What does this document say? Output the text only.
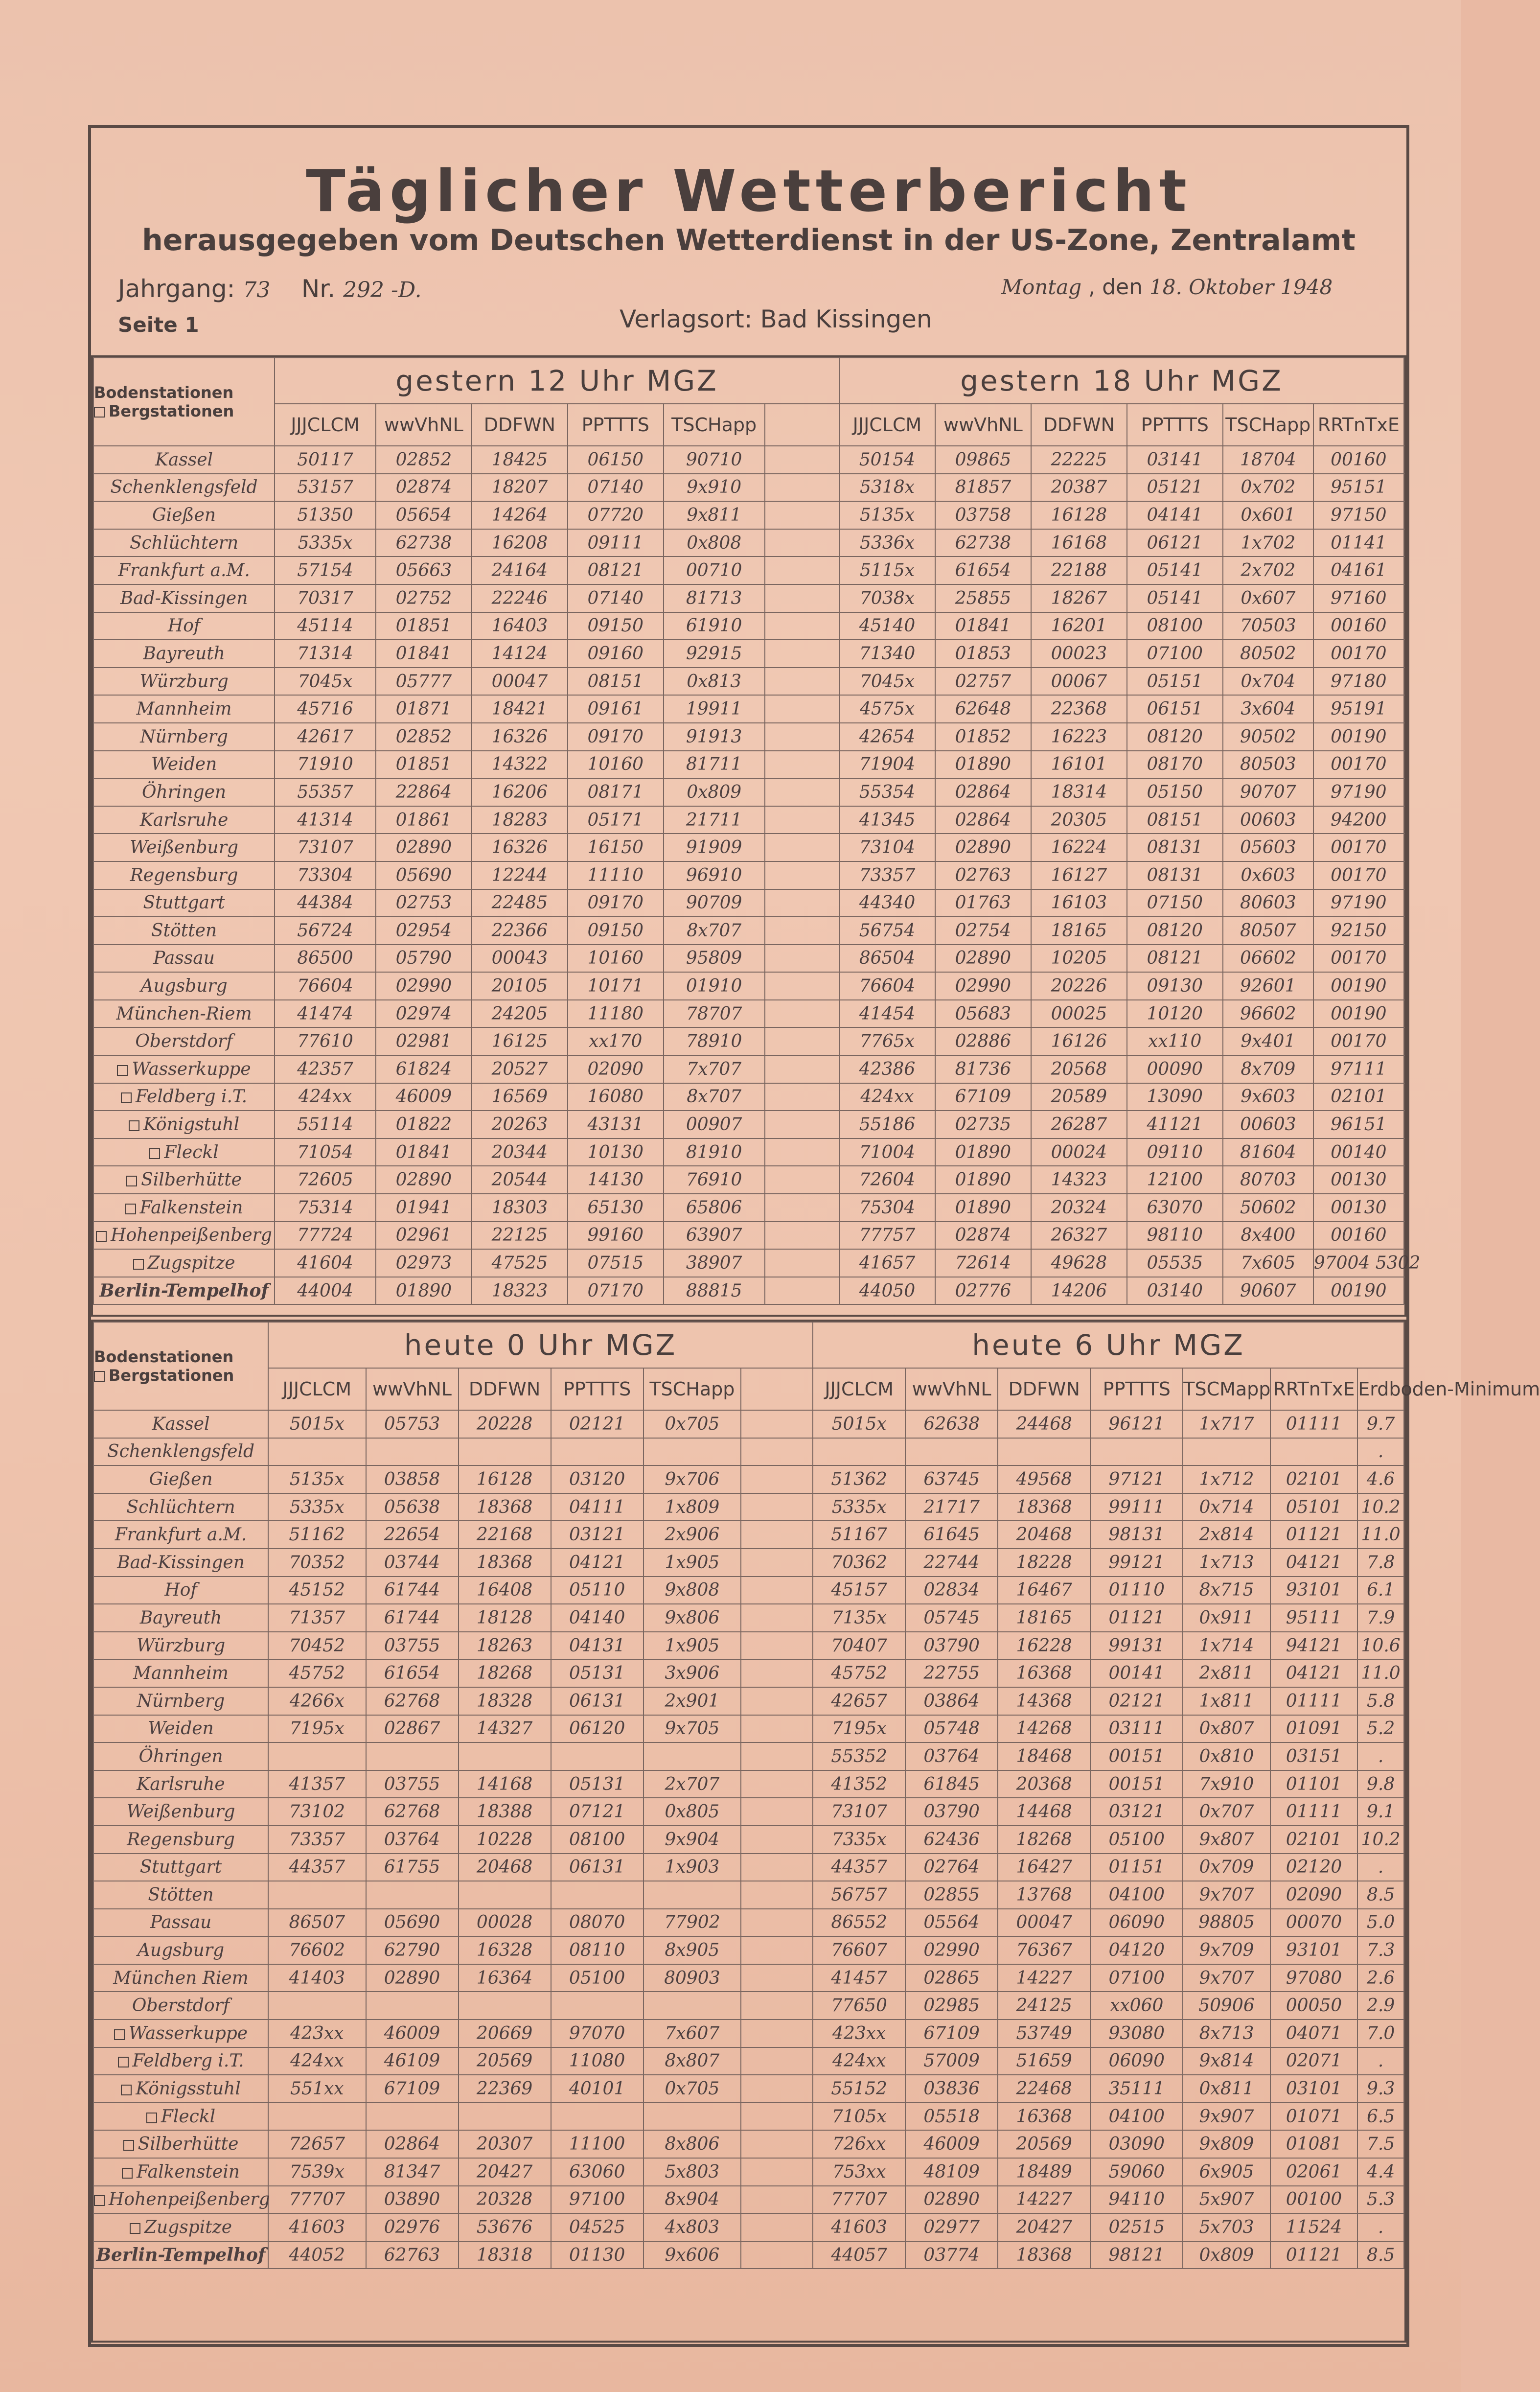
Täglicher Wetterbericht
herausgegeben vom Deutschen Wetterdienst in der US-Zone, Zentralamt
Jahrgang: 73 Nr. 292 -D.
Seite 1
Montag , den 18. Oktober 1948
Verlagsort: Bad Kissingen
Bodenstationen
Bergstationen	gestern 12 Uhr MGZ						gestern 18 Uhr MGZ						
	JJJCLCM	wwVhNL	DDFWN	PPTTTS	TSCHapp		JJJCLCM	wwVhNL	DDFWN	PPTTTS	TSCHapp	RRTnTxE	
Kassel	50117	02852	18425	06150	90710		50154	09865	22225	03141	18704	00160	
Schenklengsfeld	53157	02874	18207	07140	9x910		5318x	81857	20387	05121	0x702	95151	
Gießen	51350	05654	14264	07720	9x811		5135x	03758	16128	04141	0x601	97150	
Schlüchtern	5335x	62738	16208	09111	0x808		5336x	62738	16168	06121	1x702	01141	
Frankfurt a.M.	57154	05663	24164	08121	00710		5115x	61654	22188	05141	2x702	04161	
Bad-Kissingen	70317	02752	22246	07140	81713		7038x	25855	18267	05141	0x607	97160	
Hof	45114	01851	16403	09150	61910		45140	01841	16201	08100	70503	00160	
Bayreuth	71314	01841	14124	09160	92915		71340	01853	00023	07100	80502	00170	
Würzburg	7045x	05777	00047	08151	0x813		7045x	02757	00067	05151	0x704	97180	
Mannheim	45716	01871	18421	09161	19911		4575x	62648	22368	06151	3x604	95191	
Nürnberg	42617	02852	16326	09170	91913		42654	01852	16223	08120	90502	00190	
Weiden	71910	01851	14322	10160	81711		71904	01890	16101	08170	80503	00170	
Öhringen	55357	22864	16206	08171	0x809		55354	02864	18314	05150	90707	97190	
Karlsruhe	41314	01861	18283	05171	21711		41345	02864	20305	08151	00603	94200	
Weißenburg	73107	02890	16326	16150	91909		73104	02890	16224	08131	05603	00170	
Regensburg	73304	05690	12244	11110	96910		73357	02763	16127	08131	0x603	00170	
Stuttgart	44384	02753	22485	09170	90709		44340	01763	16103	07150	80603	97190	
Stötten	56724	02954	22366	09150	8x707		56754	02754	18165	08120	80507	92150	
Passau	86500	05790	00043	10160	95809		86504	02890	10205	08121	06602	00170	
Augsburg	76604	02990	20105	10171	01910		76604	02990	20226	09130	92601	00190	
München-Riem	41474	02974	24205	11180	78707		41454	05683	00025	10120	96602	00190	
Oberstdorf	77610	02981	16125	xx170	78910		7765x	02886	16126	xx110	9x401	00170	
Wasserkuppe	42357	61824	20527	02090	7x707		42386	81736	20568	00090	8x709	97111	
Feldberg i.T.	424xx	46009	16569	16080	8x707		424xx	67109	20589	13090	9x603	02101	
Königstuhl	55114	01822	20263	43131	00907		55186	02735	26287	41121	00603	96151	
Fleckl	71054	01841	20344	10130	81910		71004	01890	00024	09110	81604	00140	
Silberhütte	72605	02890	20544	14130	76910		72604	01890	14323	12100	80703	00130	
Falkenstein	75314	01941	18303	65130	65806		75304	01890	20324	63070	50602	00130	
Hohenpeißenberg	77724	02961	22125	99160	63907		77757	02874	26327	98110	8x400	00160	
Zugspitze	41604	02973	47525	07515	38907		41657	72614	49628	05535	7x605	97004 5302	
Berlin-Tempelhof	44004	01890	18323	07170	88815		44050	02776	14206	03140	90607	00190	
Bodenstationen
Bergstationen	heute 0 Uhr MGZ						heute 6 Uhr MGZ						
	JJJCLCM	wwVhNL	DDFWN	PPTTTS	TSCHapp		JJJCLCM	wwVhNL	DDFWN	PPTTTS	TSCMapp	RRTnTxE	Erdboden-Minimum
Kassel	5015x	05753	20228	02121	0x705		5015x	62638	24468	96121	1x717	01111	9.7
Schenklengsfeld													.
Gießen	5135x	03858	16128	03120	9x706		51362	63745	49568	97121	1x712	02101	4.6
Schlüchtern	5335x	05638	18368	04111	1x809		5335x	21717	18368	99111	0x714	05101	10.2
Frankfurt a.M.	51162	22654	22168	03121	2x906		51167	61645	20468	98131	2x814	01121	11.0
Bad-Kissingen	70352	03744	18368	04121	1x905		70362	22744	18228	99121	1x713	04121	7.8
Hof	45152	61744	16408	05110	9x808		45157	02834	16467	01110	8x715	93101	6.1
Bayreuth	71357	61744	18128	04140	9x806		7135x	05745	18165	01121	0x911	95111	7.9
Würzburg	70452	03755	18263	04131	1x905		70407	03790	16228	99131	1x714	94121	10.6
Mannheim	45752	61654	18268	05131	3x906		45752	22755	16368	00141	2x811	04121	11.0
Nürnberg	4266x	62768	18328	06131	2x901		42657	03864	14368	02121	1x811	01111	5.8
Weiden	7195x	02867	14327	06120	9x705		7195x	05748	14268	03111	0x807	01091	5.2
Öhringen							55352	03764	18468	00151	0x810	03151	.
Karlsruhe	41357	03755	14168	05131	2x707		41352	61845	20368	00151	7x910	01101	9.8
Weißenburg	73102	62768	18388	07121	0x805		73107	03790	14468	03121	0x707	01111	9.1
Regensburg	73357	03764	10228	08100	9x904		7335x	62436	18268	05100	9x807	02101	10.2
Stuttgart	44357	61755	20468	06131	1x903		44357	02764	16427	01151	0x709	02120	.
Stötten							56757	02855	13768	04100	9x707	02090	8.5
Passau	86507	05690	00028	08070	77902		86552	05564	00047	06090	98805	00070	5.0
Augsburg	76602	62790	16328	08110	8x905		76607	02990	76367	04120	9x709	93101	7.3
München Riem	41403	02890	16364	05100	80903		41457	02865	14227	07100	9x707	97080	2.6
Oberstdorf							77650	02985	24125	xx060	50906	00050	2.9
Wasserkuppe	423xx	46009	20669	97070	7x607		423xx	67109	53749	93080	8x713	04071	7.0
Feldberg i.T.	424xx	46109	20569	11080	8x807		424xx	57009	51659	06090	9x814	02071	.
Königsstuhl	551xx	67109	22369	40101	0x705		55152	03836	22468	35111	0x811	03101	9.3
Fleckl							7105x	05518	16368	04100	9x907	01071	6.5
Silberhütte	72657	02864	20307	11100	8x806		726xx	46009	20569	03090	9x809	01081	7.5
Falkenstein	7539x	81347	20427	63060	5x803		753xx	48109	18489	59060	6x905	02061	4.4
Hohenpeißenberg	77707	03890	20328	97100	8x904		77707	02890	14227	94110	5x907	00100	5.3
Zugspitze	41603	02976	53676	04525	4x803		41603	02977	20427	02515	5x703	11524	.
Berlin-Tempelhof	44052	62763	18318	01130	9x606		44057	03774	18368	98121	0x809	01121	8.5
